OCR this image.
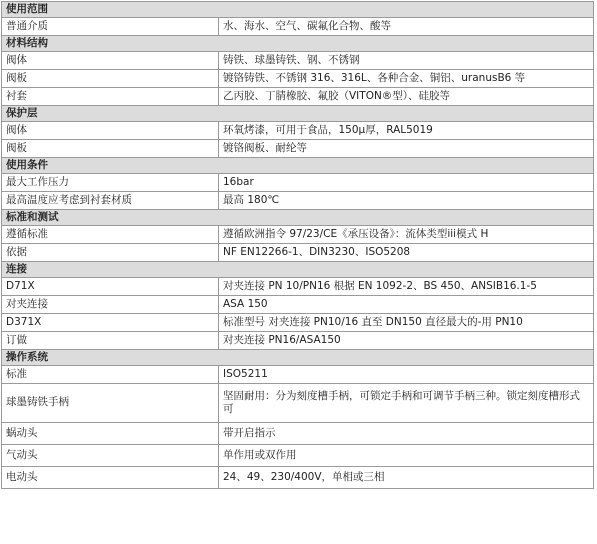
使用范围	
普通介质	水、海水、空气、碳氟化合物、酸等
材料结构	
阀体	铸铁、球墨铸铁、钢、不锈钢
阀板	镀铬铸铁、不锈钢 316、316L、各种合金、铜铝、uranusB6 等
衬套	乙丙胶、丁腈橡胶、氟胶（VITON®型）、硅胶等
保护层	
阀体	环氧烤漆，可用于食品，150μ厚，RAL5019
阀板	镀铬阀板、耐纶等
使用条件	
最大工作压力	16bar
最高温度应考虑到衬套材质	最高 180℃
标准和测试	
遵循标准	遵循欧洲指令 97/23/CE《承压设备》：流体类型iii模式 H
依据	NF EN12266-1、DIN3230、ISO5208
连接	
D71X	对夹连接 PN 10/PN16 根据 EN 1092-2、BS 450、ANSIB16.1-5
对夹连接	ASA 150
D371X	标准型号 对夹连接 PN10/16 直至 DN150 直径最大的-用 PN10
订做	对夹连接 PN16/ASA150
操作系统	
标准	ISO5211
球墨铸铁手柄	坚固耐用：分为刻度槽手柄，可锁定手柄和可调节手柄三种。锁定刻度槽形式可
蜗动头	带开启指示
气动头	单作用或双作用
电动头	24、49、230/400V，单相或三相
